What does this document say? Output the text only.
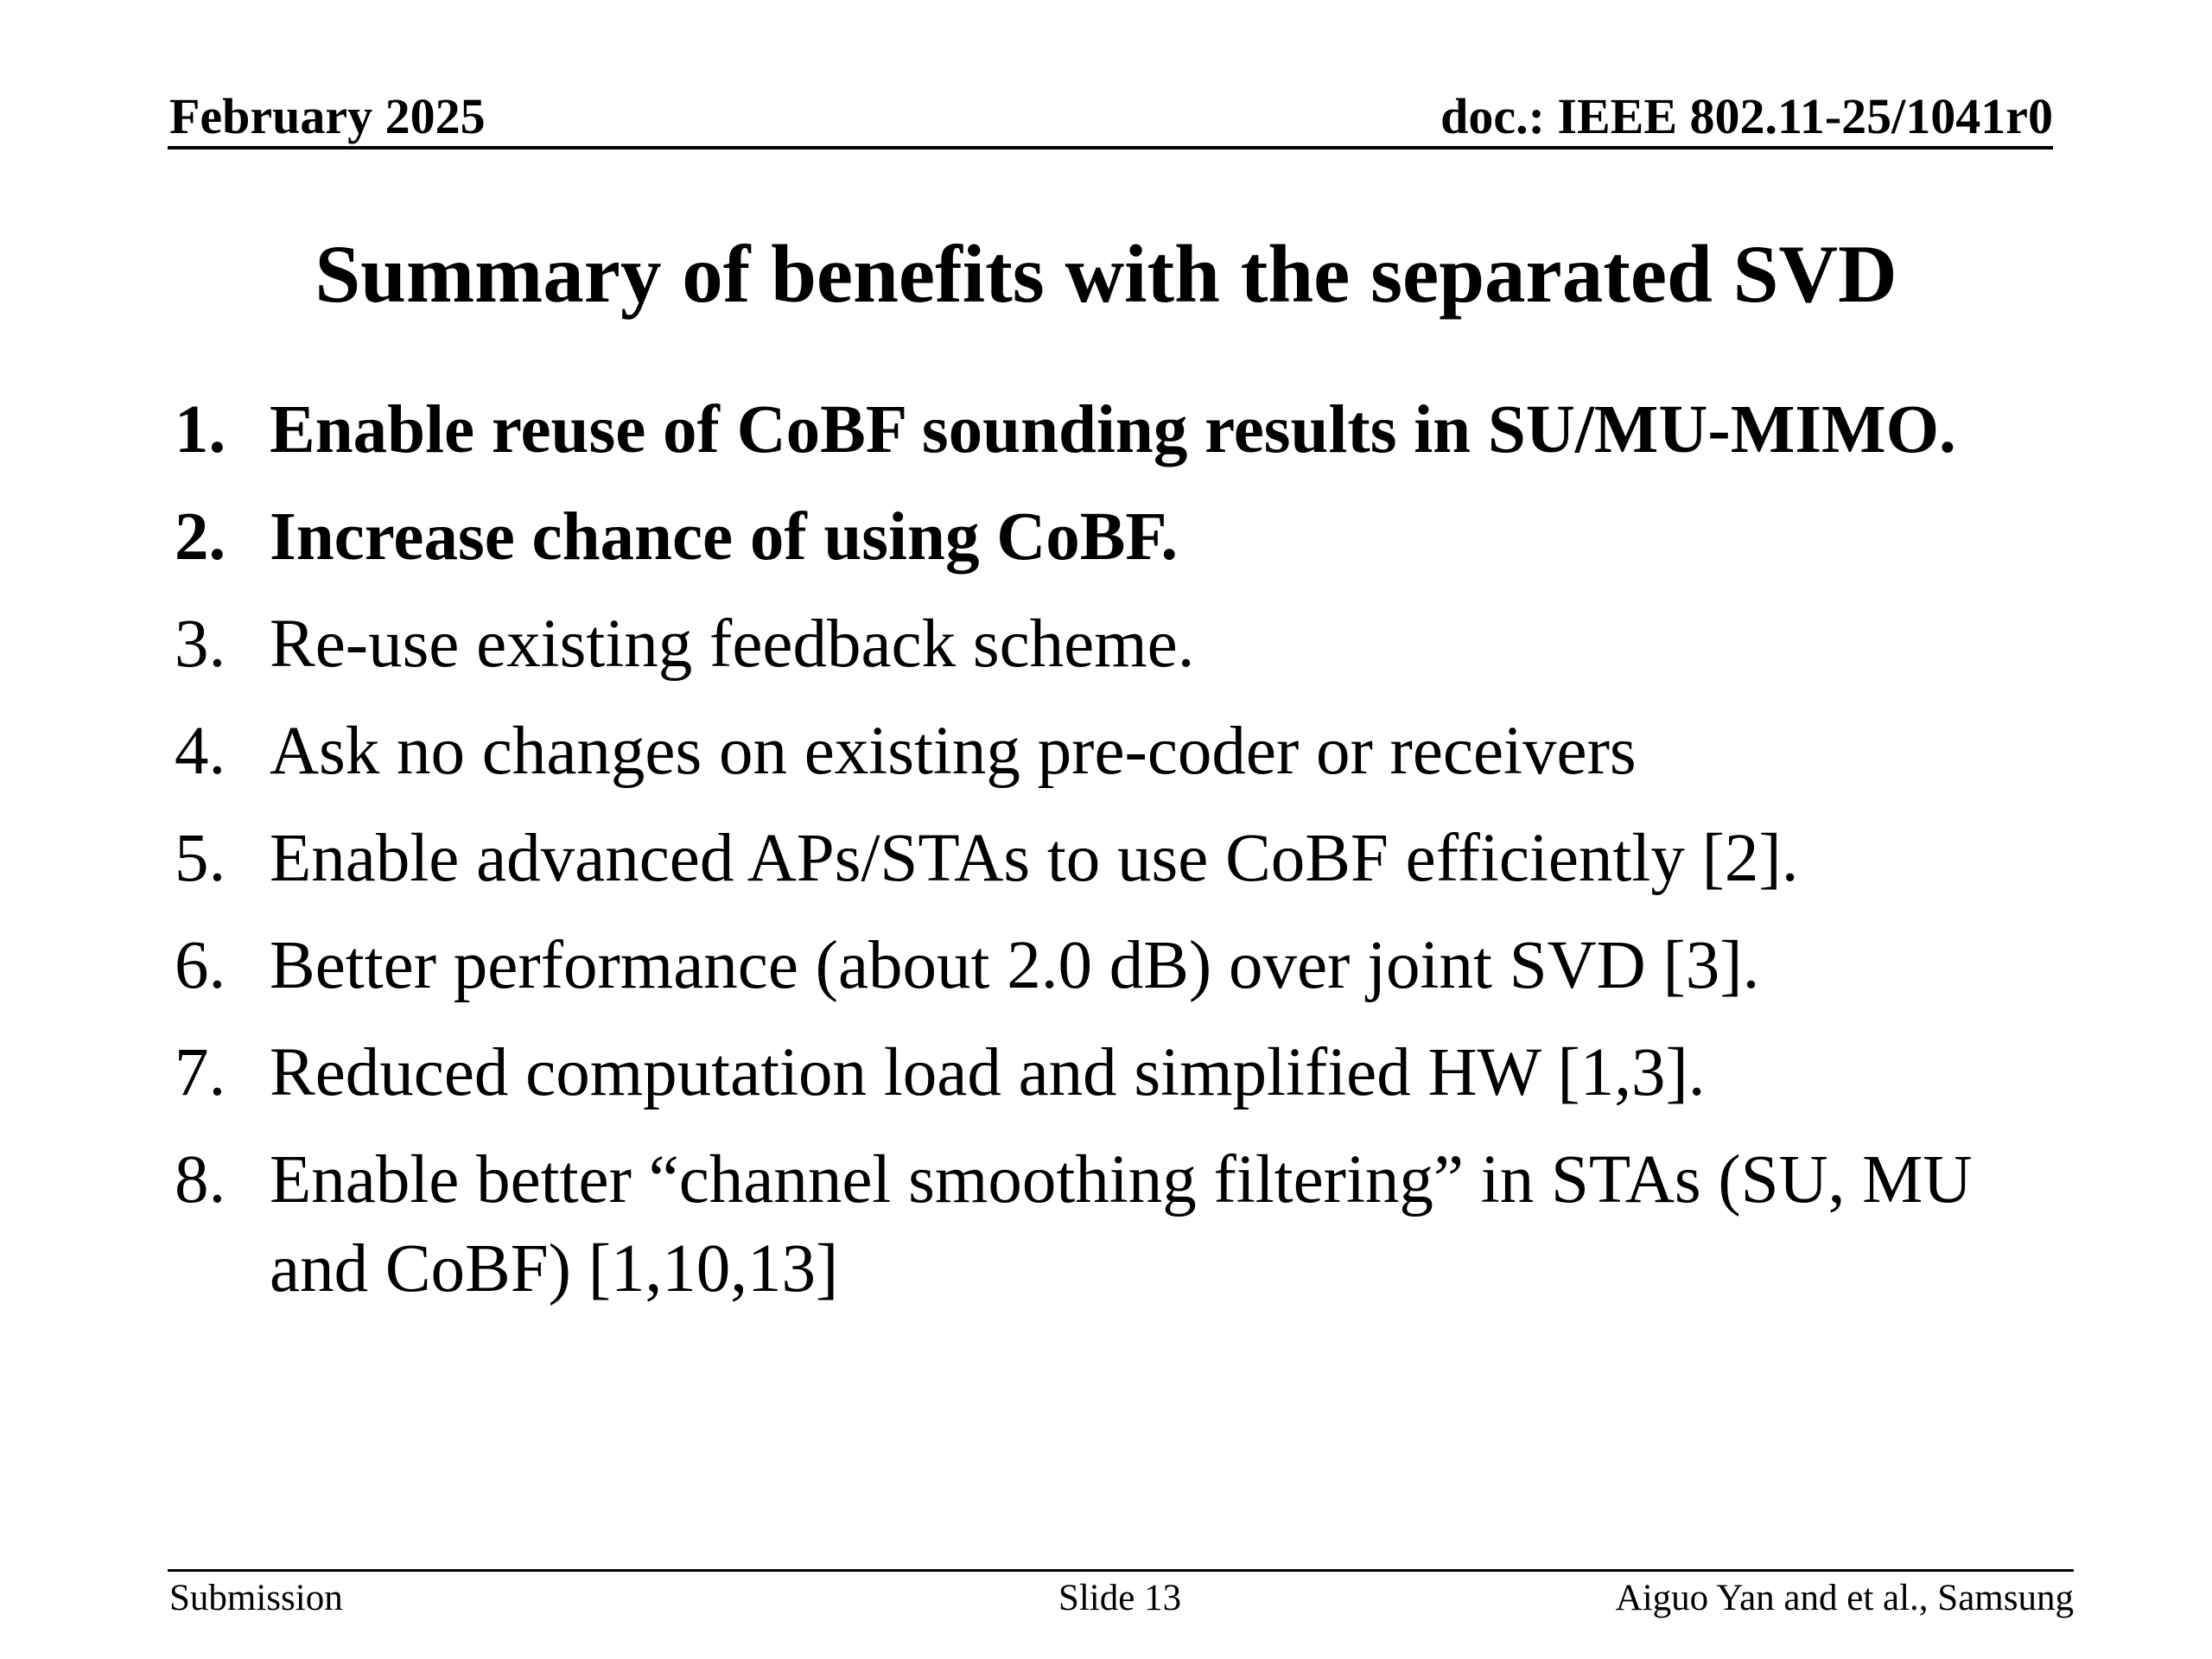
February 2025	doc.: IEEE 802.11-25/1041r0
Summary of benefits with the separated SVD
1. Enable reuse of CoBF sounding results in SU/MU-MIMO.
2. Increase chance of using CoBF.
3. Re-use existing feedback scheme.
4. Ask no changes on existing pre-coder or receivers
5. Enable advanced APs/STAs to use CoBF efficiently [2].
6. Better performance (about 2.0 dB) over joint SVD [3].
7. Reduced computation load and simplified HW [1,3].
8. Enable better “channel smoothing filtering” in STAs (SU, MU and CoBF) [1,10,13]
Submission	Slide 13	Aiguo Yan and et al., Samsung
